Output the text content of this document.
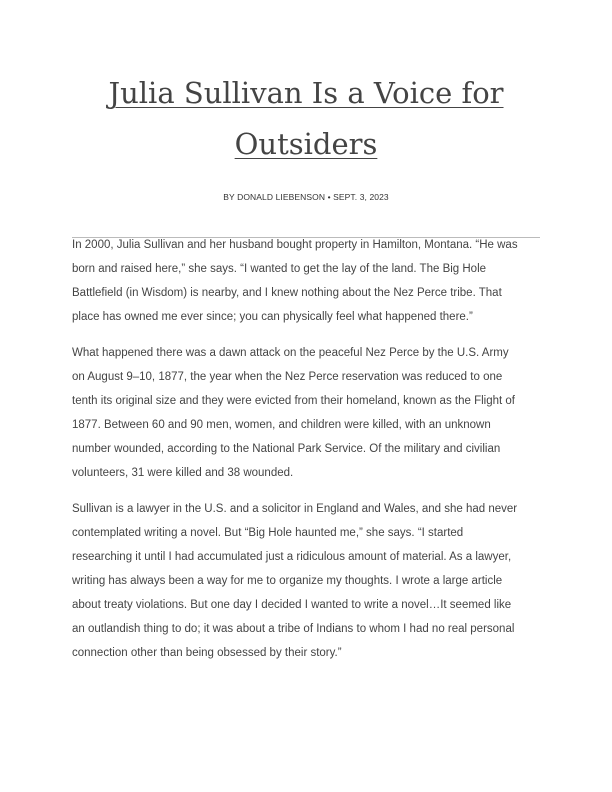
Julia Sullivan Is a Voice for
Outsiders
BY DONALD LIEBENSON • SEPT. 3, 2023

In 2000, Julia Sullivan and her husband bought property in Hamilton, Montana. “He was
born and raised here,” she says. “I wanted to get the lay of the land. The Big Hole
Battlefield (in Wisdom) is nearby, and I knew nothing about the Nez Perce tribe. That
place has owned me ever since; you can physically feel what happened there.”

What happened there was a dawn attack on the peaceful Nez Perce by the U.S. Army
on August 9–10, 1877, the year when the Nez Perce reservation was reduced to one
tenth its original size and they were evicted from their homeland, known as the Flight of
1877. Between 60 and 90 men, women, and children were killed, with an unknown
number wounded, according to the National Park Service. Of the military and civilian
volunteers, 31 were killed and 38 wounded.

Sullivan is a lawyer in the U.S. and a solicitor in England and Wales, and she had never
contemplated writing a novel. But “Big Hole haunted me,” she says. “I started
researching it until I had accumulated just a ridiculous amount of material. As a lawyer,
writing has always been a way for me to organize my thoughts. I wrote a large article
about treaty violations. But one day I decided I wanted to write a novel…It seemed like
an outlandish thing to do; it was about a tribe of Indians to whom I had no real personal
connection other than being obsessed by their story.”
